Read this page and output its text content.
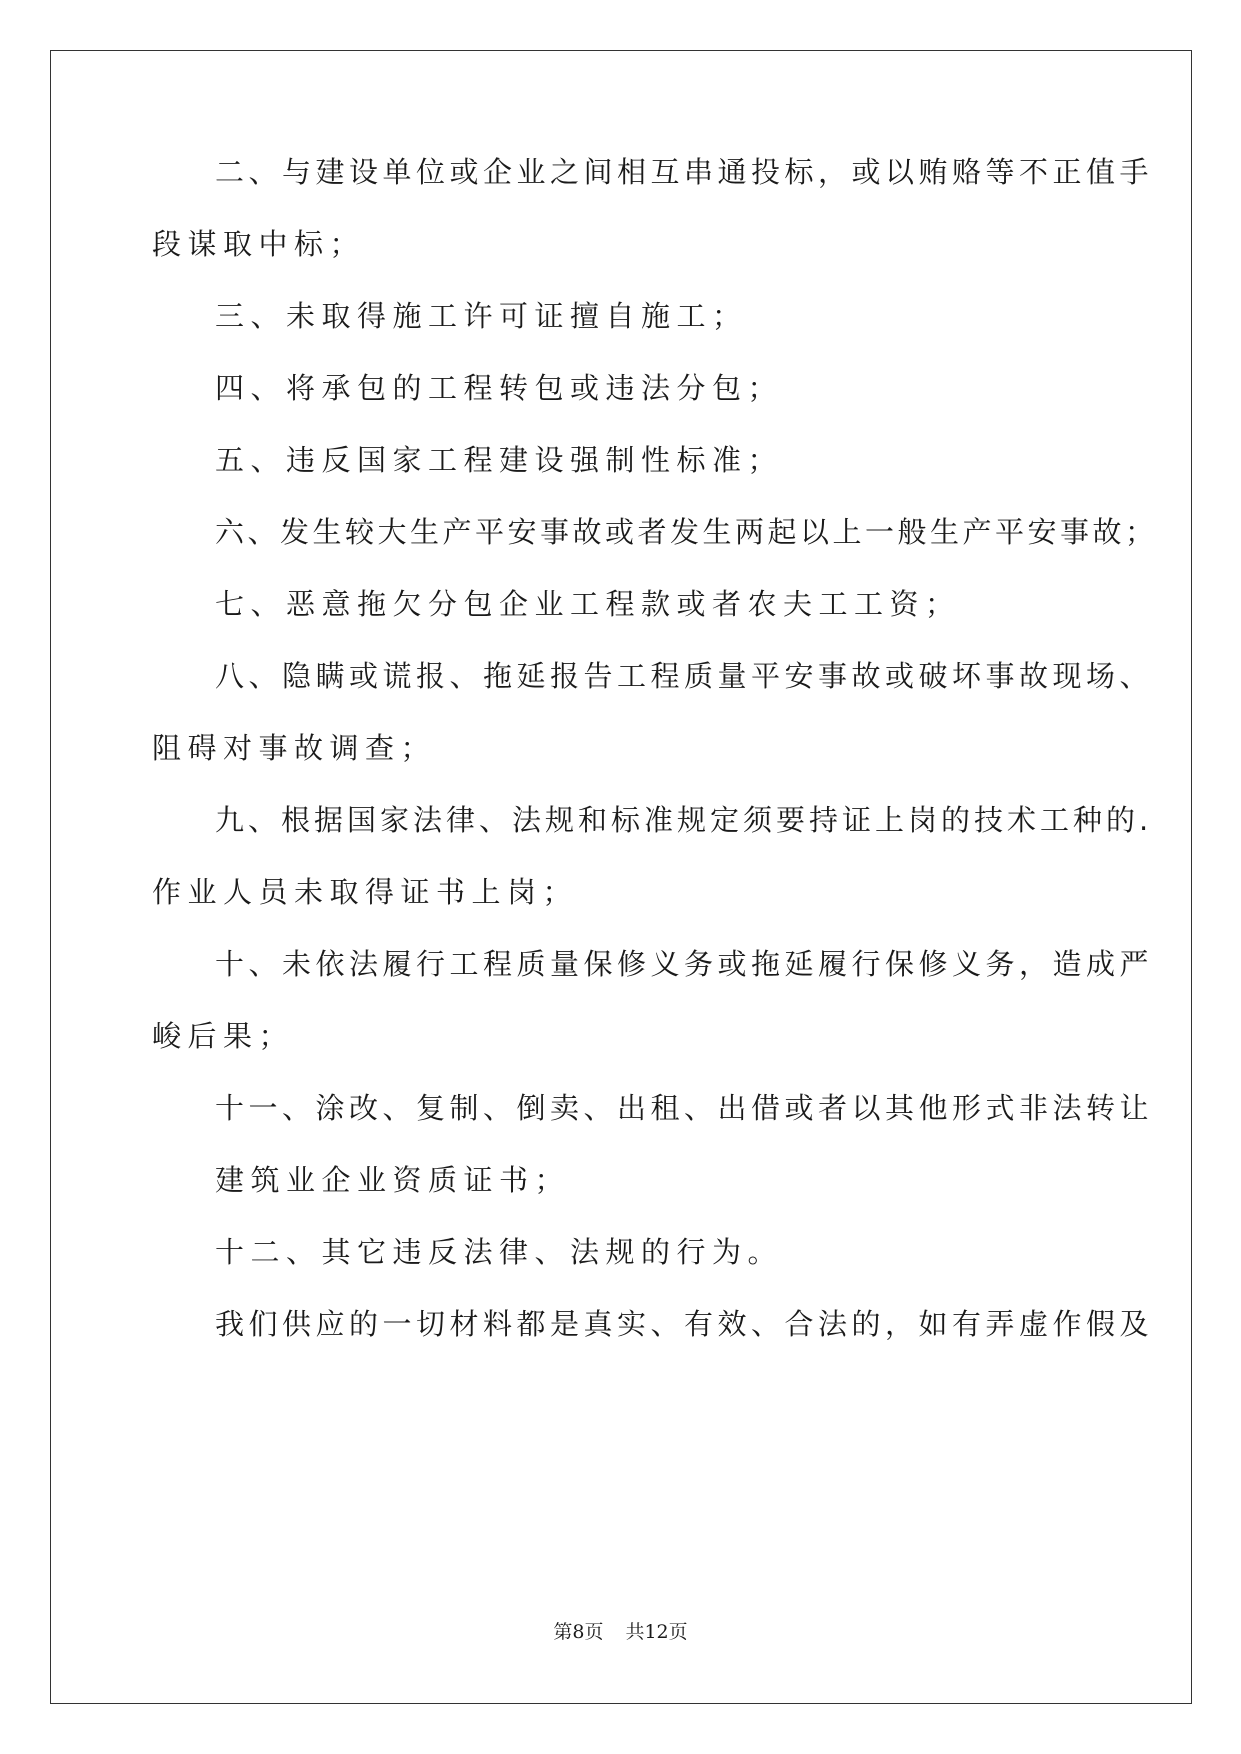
二、与建设单位或企业之间相互串通投标，或以贿赂等不正值手
段谋取中标；
三、未取得施工许可证擅自施工；
四、将承包的工程转包或违法分包；
五、违反国家工程建设强制性标准；
六、发生较大生产平安事故或者发生两起以上一般生产平安事故；
七、恶意拖欠分包企业工程款或者农夫工工资；
八、隐瞒或谎报、拖延报告工程质量平安事故或破坏事故现场、
阻碍对事故调查；
九、根据国家法律、法规和标准规定须要持证上岗的技术工种的.
作业人员未取得证书上岗；
十、未依法履行工程质量保修义务或拖延履行保修义务，造成严
峻后果；
十一、涂改、复制、倒卖、出租、出借或者以其他形式非法转让
建筑业企业资质证书；
十二、其它违反法律、法规的行为。
我们供应的一切材料都是真实、有效、合法的，如有弄虚作假及
第8页 共12页
